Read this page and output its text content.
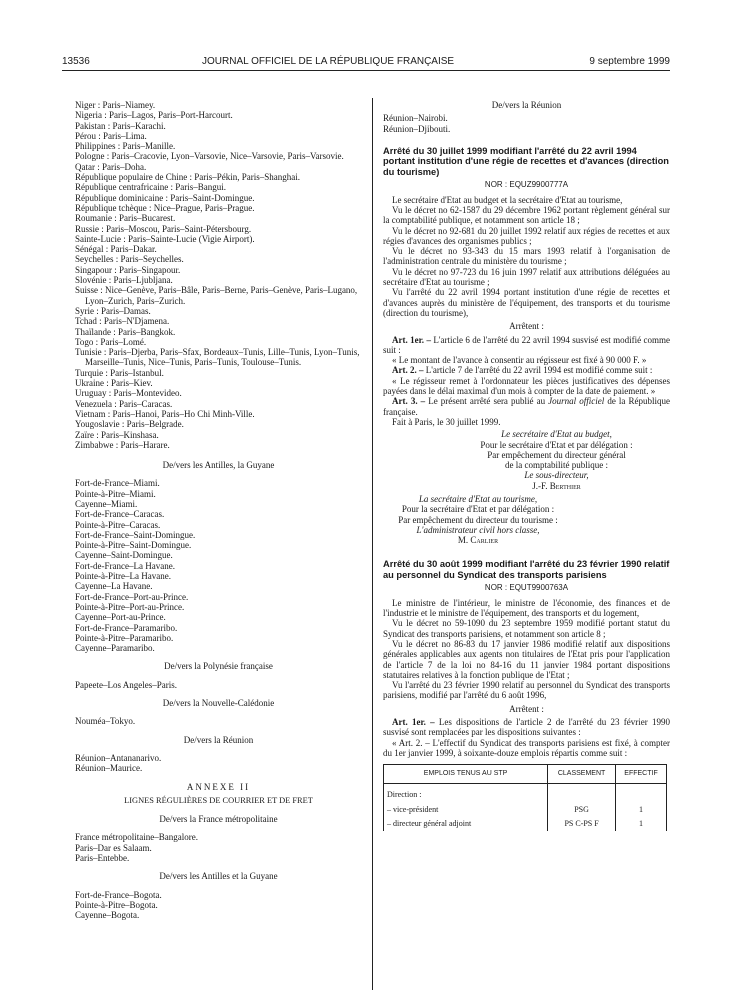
13536	JOURNAL OFFICIEL DE LA RÉPUBLIQUE FRANÇAISE	9 septembre 1999
Niger : Paris–Niamey.
Nigeria : Paris–Lagos, Paris–Port-Harcourt.
Pakistan : Paris–Karachi.
Pérou : Paris–Lima.
Philippines : Paris–Manille.
Pologne : Paris–Cracovie, Lyon–Varsovie, Nice–Varsovie, Paris–Varsovie.
Qatar : Paris–Doha.
République populaire de Chine : Paris–Pékin, Paris–Shanghai.
République centrafricaine : Paris–Bangui.
République dominicaine : Paris–Saint-Domingue.
République tchèque : Nice–Prague, Paris–Prague.
Roumanie : Paris–Bucarest.
Russie : Paris–Moscou, Paris–Saint-Pétersbourg.
Sainte-Lucie : Paris–Sainte-Lucie (Vigie Airport).
Sénégal : Paris–Dakar.
Seychelles : Paris–Seychelles.
Singapour : Paris–Singapour.
Slovénie : Paris–Ljubljana.
Suisse : Nice–Genève, Paris–Bâle, Paris–Berne, Paris–Genève, Paris–Lugano, Lyon–Zurich, Paris–Zurich.
Syrie : Paris–Damas.
Tchad : Paris–N'Djamena.
Thaïlande : Paris–Bangkok.
Togo : Paris–Lomé.
Tunisie : Paris–Djerba, Paris–Sfax, Bordeaux–Tunis, Lille–Tunis, Lyon–Tunis, Marseille–Tunis, Nice–Tunis, Paris–Tunis, Toulouse–Tunis.
Turquie : Paris–Istanbul.
Ukraine : Paris–Kiev.
Uruguay : Paris–Montevideo.
Venezuela : Paris–Caracas.
Vietnam : Paris–Hanoi, Paris–Ho Chi Minh-Ville.
Yougoslavie : Paris–Belgrade.
Zaïre : Paris–Kinshasa.
Zimbabwe : Paris–Harare.
De/vers les Antilles, la Guyane
Fort-de-France–Miami.
Pointe-à-Pitre–Miami.
Cayenne–Miami.
Fort-de-France–Caracas.
Pointe-à-Pitre–Caracas.
Fort-de-France–Saint-Domingue.
Pointe-à-Pitre–Saint-Domingue.
Cayenne–Saint-Domingue.
Fort-de-France–La Havane.
Pointe-à-Pitre–La Havane.
Cayenne–La Havane.
Fort-de-France–Port-au-Prince.
Pointe-à-Pitre–Port-au-Prince.
Cayenne–Port-au-Prince.
Fort-de-France–Paramaribo.
Pointe-à-Pitre–Paramaribo.
Cayenne–Paramaribo.
De/vers la Polynésie française
Papeete–Los Angeles–Paris.
De/vers la Nouvelle-Calédonie
Nouméa–Tokyo.
De/vers la Réunion
Réunion–Antananarivo.
Réunion–Maurice.
ANNEXE II
LIGNES RÉGULIÈRES DE COURRIER ET DE FRET
De/vers la France métropolitaine
France métropolitaine–Bangalore.
Paris–Dar es Salaam.
Paris–Entebbe.
De/vers les Antilles et la Guyane
Fort-de-France–Bogota.
Pointe-à-Pitre–Bogota.
Cayenne–Bogota.
De/vers la Réunion
Réunion–Nairobi.
Réunion–Djibouti.
Arrêté du 30 juillet 1999 modifiant l'arrêté du 22 avril 1994 portant institution d'une régie de recettes et d'avances (direction du tourisme)
NOR : EQUZ9900777A
Le secrétaire d'Etat au budget et la secrétaire d'Etat au tourisme,
Vu le décret no 62-1587 du 29 décembre 1962 portant règlement général sur la comptabilité publique, et notamment son article 18 ;
Vu le décret no 92-681 du 20 juillet 1992 relatif aux régies de recettes et aux régies d'avances des organismes publics ;
Vu le décret no 93-343 du 15 mars 1993 relatif à l'organisation de l'administration centrale du ministère du tourisme ;
Vu le décret no 97-723 du 16 juin 1997 relatif aux attributions déléguées au secrétaire d'Etat au tourisme ;
Vu l'arrêté du 22 avril 1994 portant institution d'une régie de recettes et d'avances auprès du ministère de l'équipement, des transports et du tourisme (direction du tourisme),
Arrêtent :

Art. 1er. – L'article 6 de l'arrêté du 22 avril 1994 susvisé est modifié comme suit :

« Le montant de l'avance à consentir au régisseur est fixé à 90 000 F. »

Art. 2. – L'article 7 de l'arrêté du 22 avril 1994 est modifié comme suit :

« Le régisseur remet à l'ordonnateur les pièces justificatives des dépenses payées dans le délai maximal d'un mois à compter de la date de paiement. »

Art. 3. – Le présent arrêté sera publié au Journal officiel de la République française.

Fait à Paris, le 30 juillet 1999.

Le secrétaire d'Etat au budget,
Pour le secrétaire d'Etat et par délégation :
Par empêchement du directeur général
de la comptabilité publique :
Le sous-directeur,
J.-F. Berthier
La secrétaire d'Etat au tourisme,
Pour la secrétaire d'Etat et par délégation :
Par empêchement du directeur du tourisme :
L'administrateur civil hors classe,
M. Carlier
Arrêté du 30 août 1999 modifiant l'arrêté du 23 février 1990 relatif au personnel du Syndicat des transports parisiens
NOR : EQUT9900763A
Le ministre de l'intérieur, le ministre de l'économie, des finances et de l'industrie et le ministre de l'équipement, des transports et du logement,
Vu le décret no 59-1090 du 23 septembre 1959 modifié portant statut du Syndicat des transports parisiens, et notamment son article 8 ;
Vu le décret no 86-83 du 17 janvier 1986 modifié relatif aux dispositions générales applicables aux agents non titulaires de l'Etat pris pour l'application de l'article 7 de la loi no 84-16 du 11 janvier 1984 portant dispositions statutaires relatives à la fonction publique de l'Etat ;
Vu l'arrêté du 23 février 1990 relatif au personnel du Syndicat des transports parisiens, modifié par l'arrêté du 6 août 1996,
Arrêtent :

Art. 1er. – Les dispositions de l'article 2 de l'arrêté du 23 février 1990 susvisé sont remplacées par les dispositions suivantes :

« Art. 2. – L'effectif du Syndicat des transports parisiens est fixé, à compter du 1er janvier 1999, à soixante-douze emplois répartis comme suit :

EMPLOIS TENUS AU STP	CLASSEMENT	EFFECTIF
Direction :		
– vice-président	PSG	1
– directeur général adjoint	PS C-PS F	1
